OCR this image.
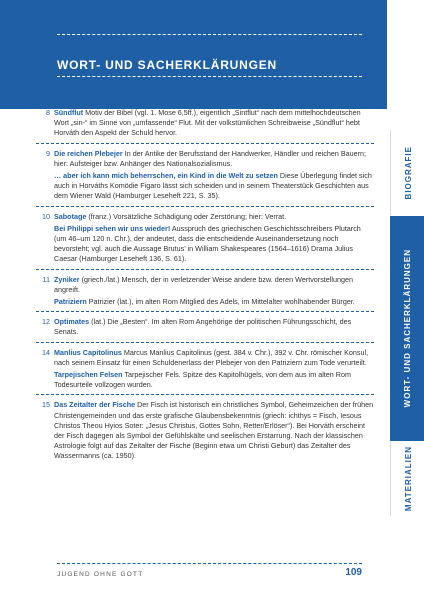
WORT- UND SACHERKLÄRUNGEN
BIOGRAFIE
WORT- UND SACHERKLÄRUNGEN
MATERIALIEN
8 Sündflut Motiv der Bibel (vgl. 1. Mose 6,5ff.), eigentlich „Sintflut“ nach dem mittelhochdeutschen Wort „sin-“ im Sinne von „umfassende“ Flut. Mit der volkstümlichen Schreibweise „Sündflut“ hebt Horváth den Aspekt der Schuld hervor.
9 Die reichen Plebejer In der Antike der Berufsstand der Handwerker, Händler und reichen Bauern; hier: Aufsteiger bzw. Anhänger des Nationalsozialismus.
… aber ich kann mich beherrschen, ein Kind in die Welt zu setzen Diese Überlegung findet sich auch in Horváths Komödie Figaro lässt sich scheiden und in seinem Theaterstück Geschichten aus dem Wiener Wald (Hamburger Leseheft 221, S. 35).
10 Sabotage (franz.) Vorsätzliche Schädigung oder Zerstörung; hier: Verrat.
Bei Philippi sehen wir uns wieder! Ausspruch des griechischen Geschichtsschreibers Plutarch (um 46–um 120 n. Chr.), der andeutet, dass die entscheidende Auseinandersetzung noch bevorsteht; vgl. auch die Aussage Brutus’ in William Shakespeares (1564–1616) Drama Julius Caesar (Hamburger Leseheft 136, S. 61).
11 Zyniker (griech./lat.) Mensch, der in verletzender Weise andere bzw. deren Wertvorstellungen angreift.
Patriziern Patrizier (lat.), im alten Rom Mitglied des Adels, im Mittelalter wohlhabender Bürger.
12 Optimates (lat.) Die „Besten“. Im alten Rom Angehörige der politischen Führungsschicht, des Senats.
14 Manlius Capitolinus Marcus Manlius Capitolinus (gest. 384 v. Chr.), 392 v. Chr. römischer Konsul, nach seinem Einsatz für einen Schuldenerlass der Plebejer von den Patriziern zum Tode verurteilt.
Tarpejischen Felsen Tarpejischer Fels. Spitze des Kapitolhügels, von dem aus im alten Rom Todesurteile vollzogen wurden.
15 Das Zeitalter der Fische Der Fisch ist historisch ein christliches Symbol, Geheimzeichen der frühen Christengemeinden und das erste grafische Glaubensbekenntnis (griech: ichthys = Fisch, Iesous Christos Theou Hyios Soter: „Jesus Christus, Gottes Sohn, Retter/Erlöser“). Bei Horváth erscheint der Fisch dagegen als Symbol der Gefühlskälte und seelischen Erstarrung. Nach der klassischen Astrologie folgt auf das Zeitalter der Fische (Beginn etwa um Christi Geburt) das Zeitalter des Wassermanns (ca. 1950).
JUGEND OHNE GOTT	109
